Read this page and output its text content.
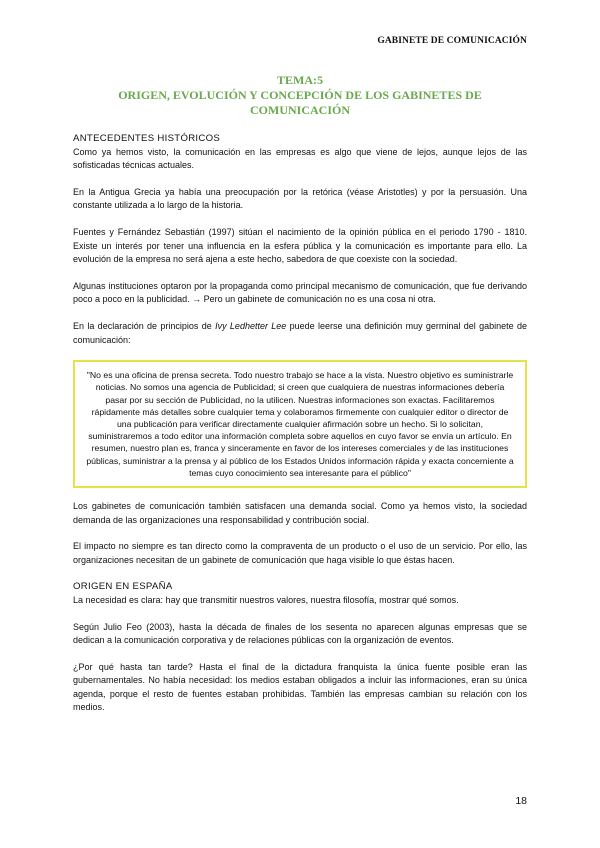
GABINETE DE COMUNICACIÓN
TEMA:5
ORIGEN, EVOLUCIÓN Y CONCEPCIÓN DE LOS GABINETES DE
COMUNICACIÓN
ANTECEDENTES HISTÓRICOS

Como ya hemos visto, la comunicación en las empresas es algo que viene de lejos, aunque lejos de las sofisticadas técnicas actuales.

En la Antigua Grecia ya había una preocupación por la retórica (véase Aristotles) y por la persuasión. Una constante utilizada a lo largo de la historia.

Fuentes y Fernández Sebastián (1997) sitúan el nacimiento de la opinión pública en el periodo 1790 - 1810. Existe un interés por tener una influencia en la esfera pública y la comunicación es importante para ello. La evolución de la empresa no será ajena a este hecho, sabedora de que coexiste con la sociedad.

Algunas instituciones optaron por la propaganda como principal mecanismo de comunicación, que fue derivando poco a poco en la publicidad. → Pero un gabinete de comunicación no es una cosa ni otra.

En la declaración de principios de Ivy Ledhetter Lee puede leerse una definición muy germinal del gabinete de comunicación:

"No es una oficina de prensa secreta. Todo nuestro trabajo se hace a la vista. Nuestro objetivo es suministrarle noticias. No somos una agencia de Publicidad; si creen que cualquiera de nuestras informaciones debería pasar por su sección de Publicidad, no la utilicen. Nuestras informaciones son exactas. Facilitaremos rápidamente más detalles sobre cualquier tema y colaboramos firmemente con cualquier editor o director de una publicación para verificar directamente cualquier afirmación sobre un hecho. Si lo solicitan, suministraremos a todo editor una información completa sobre aquellos en cuyo favor se envía un artículo. En resumen, nuestro plan es, franca y sinceramente en favor de los intereses comerciales y de las instituciones públicas, suministrar a la prensa y al público de los Estados Unidos información rápida y exacta concerniente a temas cuyo conocimiento sea interesante para el público"

Los gabinetes de comunicación también satisfacen una demanda social. Como ya hemos visto, la sociedad demanda de las organizaciones una responsabilidad y contribución social.

El impacto no siempre es tan directo como la compraventa de un producto o el uso de un servicio. Por ello, las organizaciones necesitan de un gabinete de comunicación que haga visible lo que éstas hacen.

ORIGEN EN ESPAÑA

La necesidad es clara: hay que transmitir nuestros valores, nuestra filosofía, mostrar qué somos.

Según Julio Feo (2003), hasta la década de finales de los sesenta no aparecen algunas empresas que se dedican a la comunicación corporativa y de relaciones públicas con la organización de eventos.

¿Por qué hasta tan tarde? Hasta el final de la dictadura franquista la única fuente posible eran las gubernamentales. No había necesidad: los medios estaban obligados a incluir las informaciones, eran su única agenda, porque el resto de fuentes estaban prohibidas. También las empresas cambian su relación con los medios.

18
